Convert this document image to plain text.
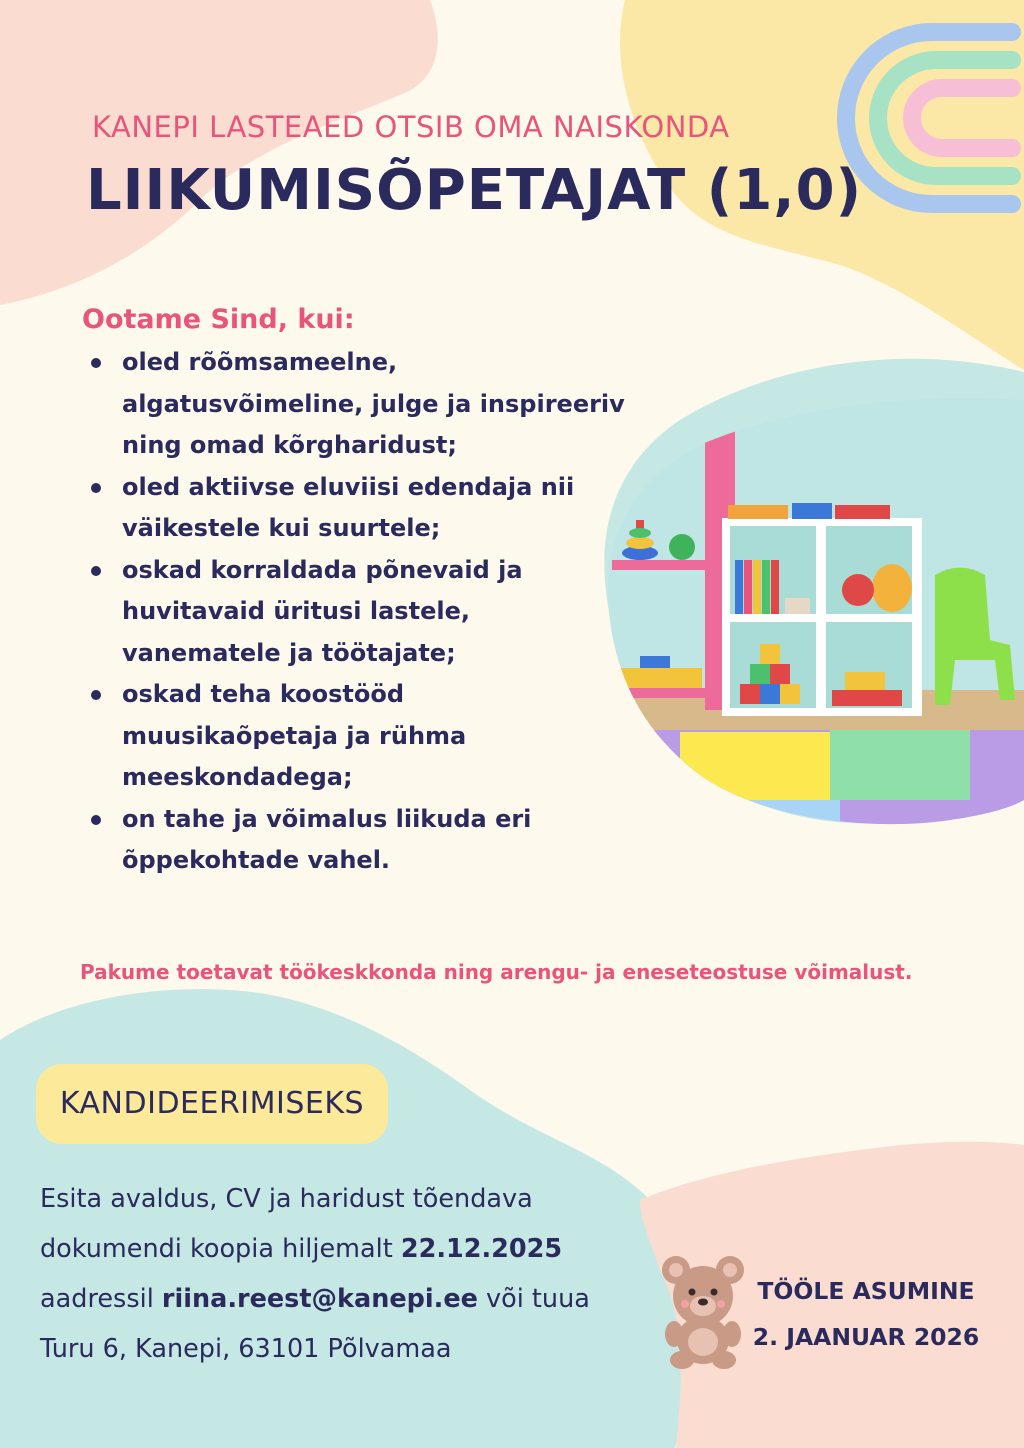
KANEPI LASTEAED OTSIB OMA NAISKONDA
LIIKUMISÕPETAJAT (1,0)
Ootame Sind, kui:
oled rõõmsameelne, algatusvõimeline, julge ja inspireeriv ning omad kõrgharidust;
oled aktiivse eluviisi edendaja nii väikestele kui suurtele;
oskad korraldada põnevaid ja huvitavaid üritusi lastele, vanematele ja töötajate;
oskad teha koostööd muusikaõpetaja ja rühma meeskondadega;
on tahe ja võimalus liikuda eri õppekohtade vahel.
Pakume toetavat töökeskkonda ning arengu- ja eneseteostuse võimalust.
KANDIDEERIMISEKS
Esita avaldus, CV ja haridust tõendava dokumendi koopia hiljemalt 22.12.2025 aadressil riina.reest@kanepi.ee või tuua Turu 6, Kanepi, 63101 Põlvamaa
TÖÖLE ASUMINE
2. JAANUAR 2026
